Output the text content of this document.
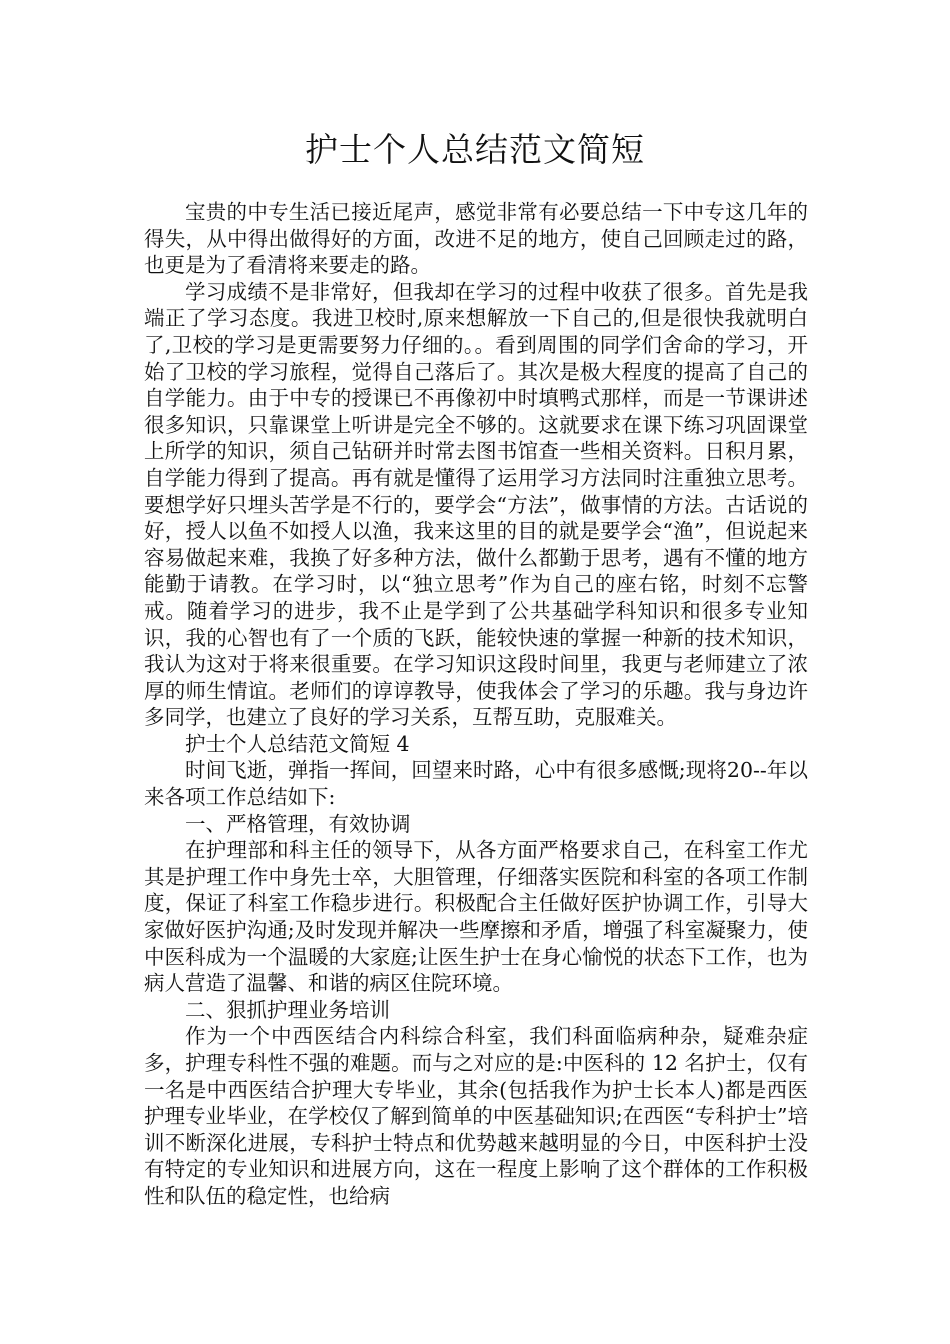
护士个人总结范文简短

宝贵的中专生活已接近尾声，感觉非常有必要总结一下中专这几年的得失，从中得出做得好的方面，改进不足的地方，使自己回顾走过的路，也更是为了看清将来要走的路。

学习成绩不是非常好，但我却在学习的过程中收获了很多。首先是我端正了学习态度。我进卫校时,原来想解放一下自己的,但是很快我就明白了,卫校的学习是更需要努力仔细的。。看到周围的同学们舍命的学习，开始了卫校的学习旅程，觉得自己落后了。其次是极大程度的提高了自己的自学能力。由于中专的授课已不再像初中时填鸭式那样，而是一节课讲述很多知识，只靠课堂上听讲是完全不够的。这就要求在课下练习巩固课堂上所学的知识，须自己钻研并时常去图书馆查一些相关资料。日积月累，自学能力得到了提高。再有就是懂得了运用学习方法同时注重独立思考。要想学好只埋头苦学是不行的，要学会“方法”，做事情的方法。古话说的好，授人以鱼不如授人以渔，我来这里的目的就是要学会“渔”，但说起来容易做起来难，我换了好多种方法，做什么都勤于思考，遇有不懂的地方能勤于请教。在学习时，以“独立思考”作为自己的座右铭，时刻不忘警戒。随着学习的进步，我不止是学到了公共基础学科知识和很多专业知识，我的心智也有了一个质的飞跃，能较快速的掌握一种新的技术知识，我认为这对于将来很重要。在学习知识这段时间里，我更与老师建立了浓厚的师生情谊。老师们的谆谆教导，使我体会了学习的乐趣。我与身边许多同学，也建立了良好的学习关系，互帮互助，克服难关。

护士个人总结范文简短 4

时间飞逝，弹指一挥间，回望来时路，心中有很多感慨;现将20--年以来各项工作总结如下:

一、严格管理，有效协调

在护理部和科主任的领导下，从各方面严格要求自己，在科室工作尤其是护理工作中身先士卒，大胆管理，仔细落实医院和科室的各项工作制度，保证了科室工作稳步进行。积极配合主任做好医护协调工作，引导大家做好医护沟通;及时发现并解决一些摩擦和矛盾，增强了科室凝聚力，使中医科成为一个温暖的大家庭;让医生护士在身心愉悦的状态下工作，也为病人营造了温馨、和谐的病区住院环境。

二、狠抓护理业务培训

作为一个中西医结合内科综合科室，我们科面临病种杂，疑难杂症多，护理专科性不强的难题。而与之对应的是:中医科的 12 名护士，仅有一名是中西医结合护理大专毕业，其余(包括我作为护士长本人)都是西医护理专业毕业，在学校仅了解到简单的中医基础知识;在西医“专科护士”培训不断深化进展，专科护士特点和优势越来越明显的今日，中医科护士没有特定的专业知识和进展方向，这在一程度上影响了这个群体的工作积极性和队伍的稳定性，也给病
